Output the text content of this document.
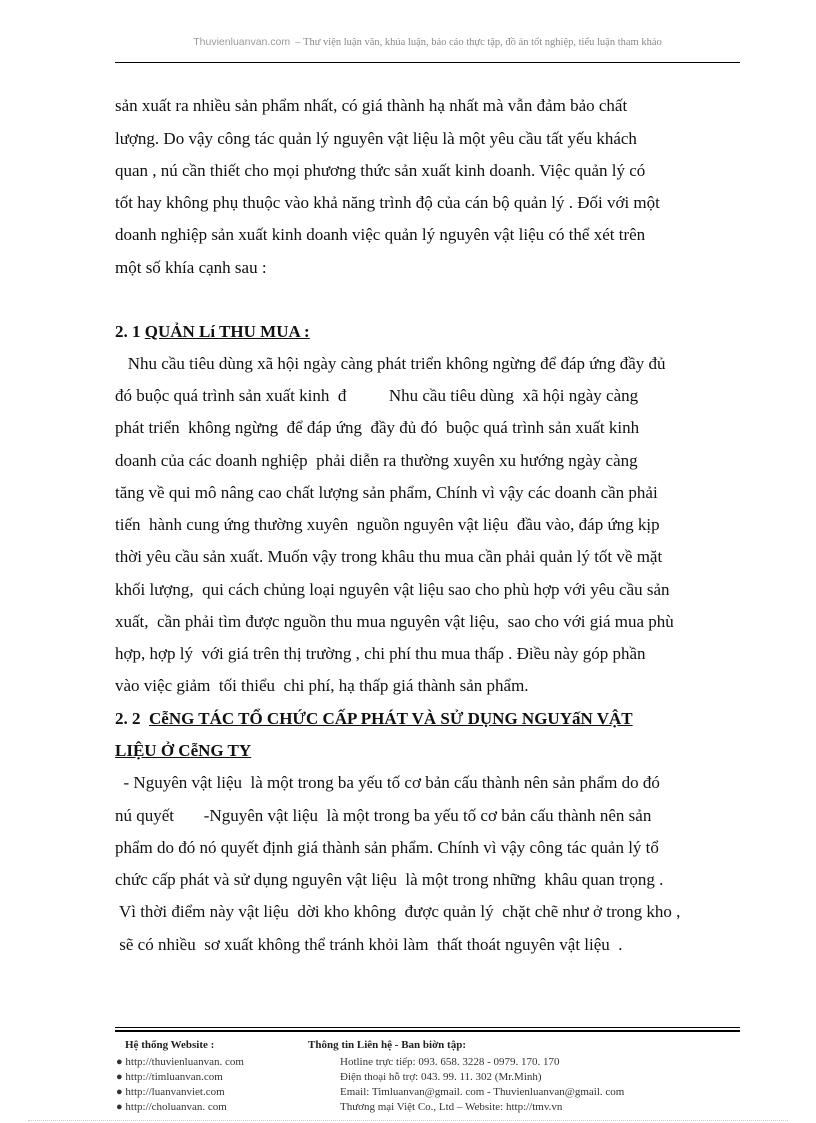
Thuvienluanvan.com – Thư viện luận văn, khúa luận, báo cáo thực tập, đồ án tốt nghiệp, tiểu luận tham khảo
sản xuất ra nhiều sản phẩm nhất, có giá thành hạ nhất mà vẫn đảm bảo chất
lượng. Do vậy công tác quản lý nguyên vật liệu là một yêu cầu tất yếu khách
quan , nú cần thiết cho mọi phương thức sản xuất kinh doanh. Việc quản lý có
tốt hay không phụ thuộc vào khả năng trình độ của cán bộ quản lý . Đối với một
doanh nghiệp sản xuất kinh doanh việc quản lý nguyên vật liệu có thể xét trên
một số khía cạnh sau :
2. 1 QUẢN Lí THU MUA :
Nhu cầu tiêu dùng xã hội ngày càng phát triển không ngừng để đáp ứng đầy đủ
đó buộc quá trình sản xuất kinh  đ          Nhu cầu tiêu dùng  xã hội ngày càng
phát triển  không ngừng  để đáp ứng  đầy đủ đó  buộc quá trình sản xuất kinh
doanh của các doanh nghiệp  phải diễn ra thường xuyên xu hướng ngày càng
tăng về qui mô nâng cao chất lượng sản phẩm, Chính vì vậy các doanh cần phải
tiến  hành cung ứng thường xuyên  nguồn nguyên vật liệu  đầu vào, đáp ứng kịp
thời yêu cầu sản xuất. Muốn vậy trong khâu thu mua cần phải quản lý tốt về mặt
khối lượng,  qui cách chủng loại nguyên vật liệu sao cho phù hợp với yêu cầu sản
xuất,  cần phải tìm được nguồn thu mua nguyên vật liệu,  sao cho với giá mua phù
hợp, hợp lý  với giá trên thị trường , chi phí thu mua thấp . Điều này góp phần
vào việc giảm  tối thiểu  chi phí, hạ thấp giá thành sản phẩm.
2. 2 CễNG TÁC TỔ CHỨC CẤP PHÁT VÀ SỬ DỤNG NGUYấN VẬT
LIỆU Ở CễNG TY
- Nguyên vật liệu  là một trong ba yếu tố cơ bản cấu thành nên sản phẩm do đó
nú quyết       -Nguyên vật liệu  là một trong ba yếu tố cơ bản cấu thành nên sản
phẩm do đó nó quyết định giá thành sản phẩm. Chính vì vậy công tác quản lý tổ
chức cấp phát và sử dụng nguyên vật liệu  là một trong những  khâu quan trọng .
Vì thời điểm này vật liệu  dời kho không  được quản lý  chặt chẽ như ở trong kho ,
sẽ có nhiều  sơ xuất không thể tránh khỏi làm  thất thoát nguyên vật liệu  .
Hệ thống Website :	Thông tin Liên hệ - Ban biờn tập:
● http://thuvienluanvan. com
● http://timluanvan.com
● http://luanvanviet.com
● http://choluanvan. com
Hotline trực tiếp: 093. 658. 3228 - 0979. 170. 170
Điện thoại hỗ trợ: 043. 99. 11. 302 (Mr.Minh)
Email: Timluanvan@gmail. com - Thuvienluanvan@gmail. com
Thương mại Việt Co., Ltd – Website: http://tmv.vn
